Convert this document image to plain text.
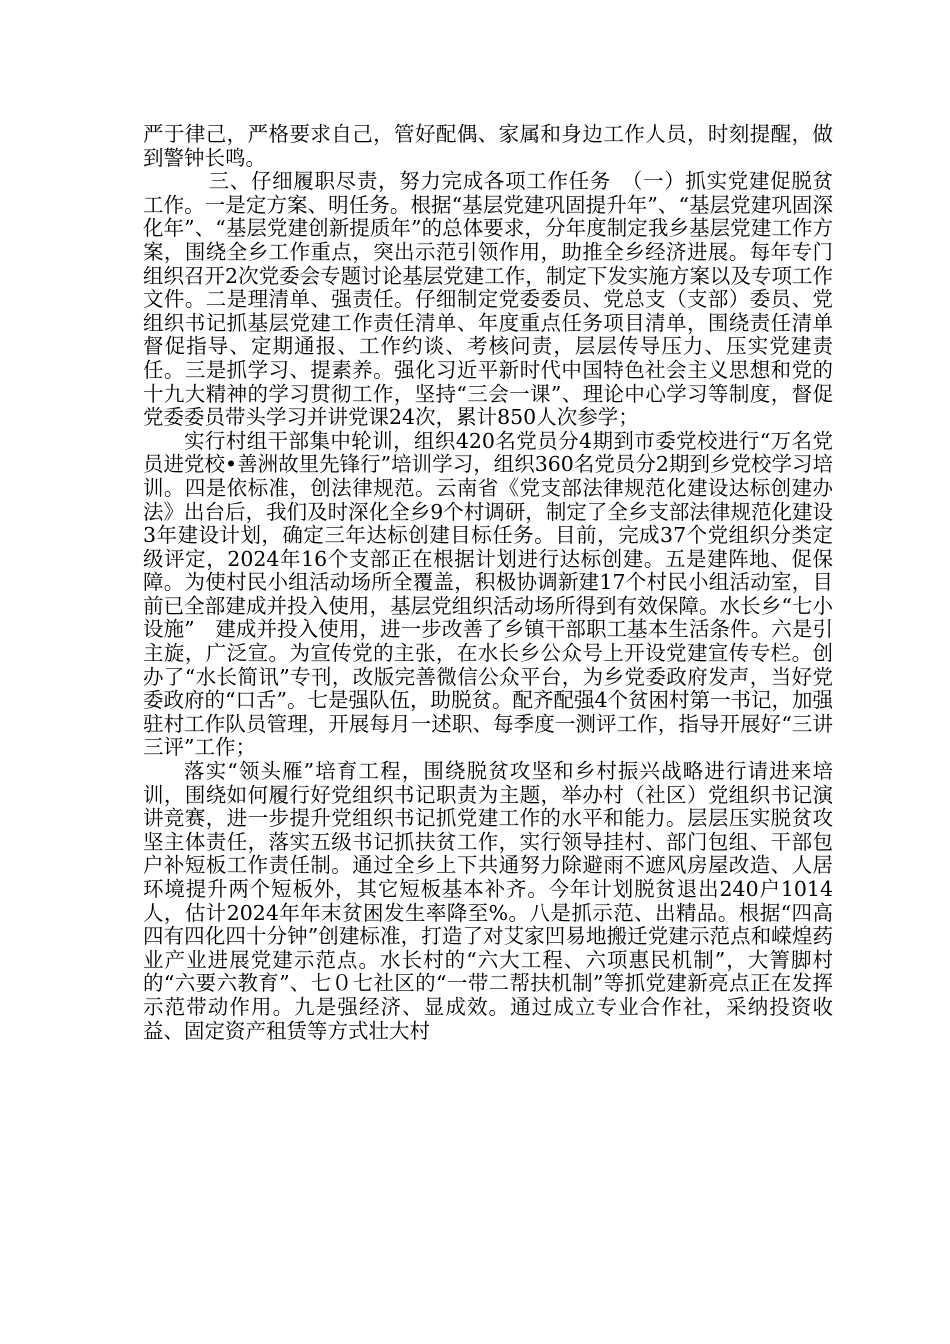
严于律己，严格要求自己，管好配偶、家属和身边工作人员，时刻提醒，做到警钟长鸣。

三、仔细履职尽责，努力完成各项工作任务　（一）抓实党建促脱贫工作。一是定方案、明任务。根据“基层党建巩固提升年”、“基层党建巩固深化年”、“基层党建创新提质年”的总体要求，分年度制定我乡基层党建工作方案，围绕全乡工作重点，突出示范引领作用，助推全乡经济进展。每年专门组织召开2次党委会专题讨论基层党建工作，制定下发实施方案以及专项工作文件。二是理清单、强责任。仔细制定党委委员、党总支（支部）委员、党组织书记抓基层党建工作责任清单、年度重点任务项目清单，围绕责任清单督促指导、定期通报、工作约谈、考核问责，层层传导压力、压实党建责任。三是抓学习、提素养。强化习近平新时代中国特色社会主义思想和党的十九大精神的学习贯彻工作，坚持“三会一课”、理论中心学习等制度，督促党委委员带头学习并讲党课24次，累计850人次参学；

实行村组干部集中轮训，组织420名党员分4期到市委党校进行“万名党员进党校•善洲故里先锋行”培训学习，组织360名党员分2期到乡党校学习培训。四是依标准，创法律规范。云南省《党支部法律规范化建设达标创建办法》出台后，我们及时深化全乡9个村调研，制定了全乡支部法律规范化建设3年建设计划，确定三年达标创建目标任务。目前，完成37个党组织分类定级评定，2024年16个支部正在根据计划进行达标创建。五是建阵地、促保障。为使村民小组活动场所全覆盖，积极协调新建17个村民小组活动室，目前已全部建成并投入使用，基层党组织活动场所得到有效保障。水长乡“七小设施”　建成并投入使用，进一步改善了乡镇干部职工基本生活条件。六是引主旋，广泛宣。为宣传党的主张，在水长乡公众号上开设党建宣传专栏。创办了“水长简讯”专刊，改版完善微信公众平台，为乡党委政府发声，当好党委政府的“口舌”。七是强队伍，助脱贫。配齐配强4个贫困村第一书记，加强驻村工作队员管理，开展每月一述职、每季度一测评工作，指导开展好“三讲三评”工作；

落实“领头雁”培育工程，围绕脱贫攻坚和乡村振兴战略进行请进来培训，围绕如何履行好党组织书记职责为主题，举办村（社区）党组织书记演讲竞赛，进一步提升党组织书记抓党建工作的水平和能力。层层压实脱贫攻坚主体责任，落实五级书记抓扶贫工作，实行领导挂村、部门包组、干部包户补短板工作责任制。通过全乡上下共通努力除避雨不遮风房屋改造、人居环境提升两个短板外，其它短板基本补齐。今年计划脱贫退出240户1014人，估计2024年年末贫困发生率降至%。八是抓示范、出精品。根据“四高四有四化四十分钟”创建标准，打造了对艾家凹易地搬迁党建示范点和嵘煌药业产业进展党建示范点。水长村的“六大工程、六项惠民机制”，大箐脚村的“六要六教育”、七０七社区的“一带二帮扶机制”等抓党建新亮点正在发挥示范带动作用。九是强经济、显成效。通过成立专业合作社，采纳投资收益、固定资产租赁等方式壮大村
